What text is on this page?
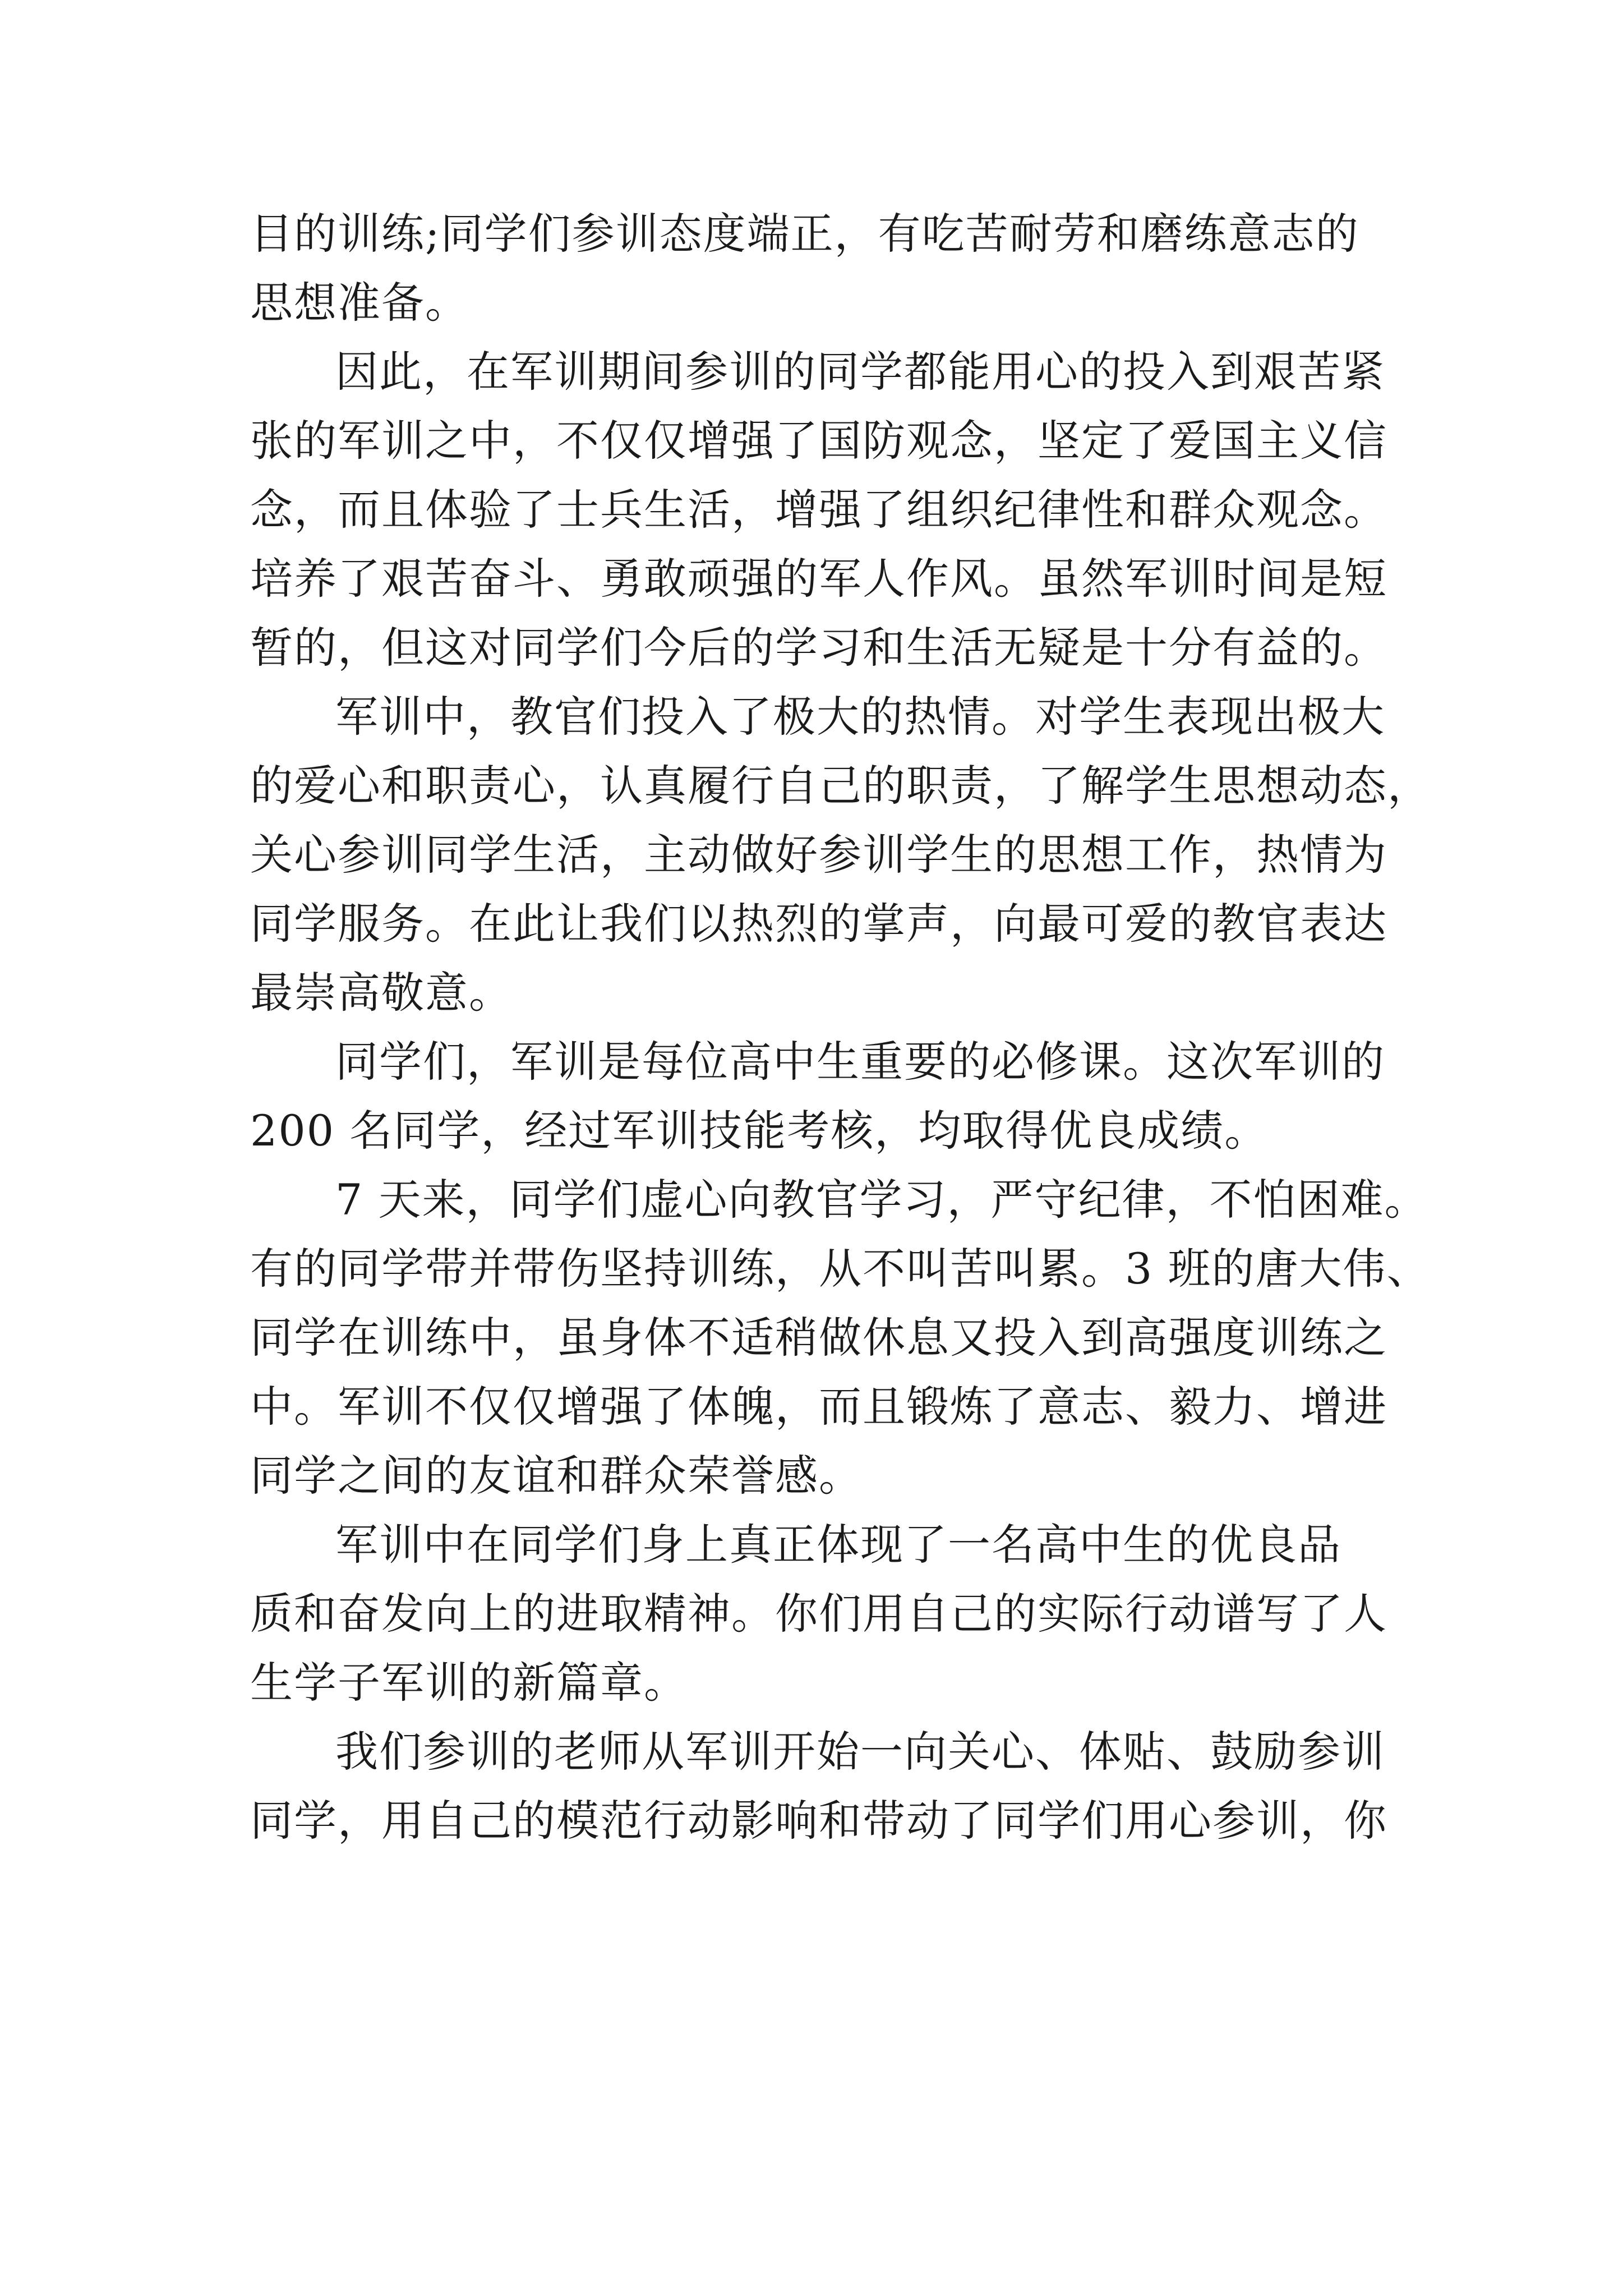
目的训练;同学们参训态度端正，有吃苦耐劳和磨练意志的
思想准备。
因此，在军训期间参训的同学都能用心的投入到艰苦紧
张的军训之中，不仅仅增强了国防观念，坚定了爱国主义信
念，而且体验了士兵生活，增强了组织纪律性和群众观念。
培养了艰苦奋斗、勇敢顽强的军人作风。虽然军训时间是短
暂的，但这对同学们今后的学习和生活无疑是十分有益的。
军训中，教官们投入了极大的热情。对学生表现出极大
的爱心和职责心，认真履行自己的职责，了解学生思想动态，
关心参训同学生活，主动做好参训学生的思想工作，热情为
同学服务。在此让我们以热烈的掌声，向最可爱的教官表达
最崇高敬意。
同学们，军训是每位高中生重要的必修课。这次军训的
200 名同学，经过军训技能考核，均取得优良成绩。
7 天来，同学们虚心向教官学习，严守纪律，不怕困难。
有的同学带并带伤坚持训练，从不叫苦叫累。3 班的唐大伟、
同学在训练中，虽身体不适稍做休息又投入到高强度训练之
中。军训不仅仅增强了体魄，而且锻炼了意志、毅力、增进
同学之间的友谊和群众荣誉感。
军训中在同学们身上真正体现了一名高中生的优良品
质和奋发向上的进取精神。你们用自己的实际行动谱写了人
生学子军训的新篇章。
我们参训的老师从军训开始一向关心、体贴、鼓励参训
同学，用自己的模范行动影响和带动了同学们用心参训，你
